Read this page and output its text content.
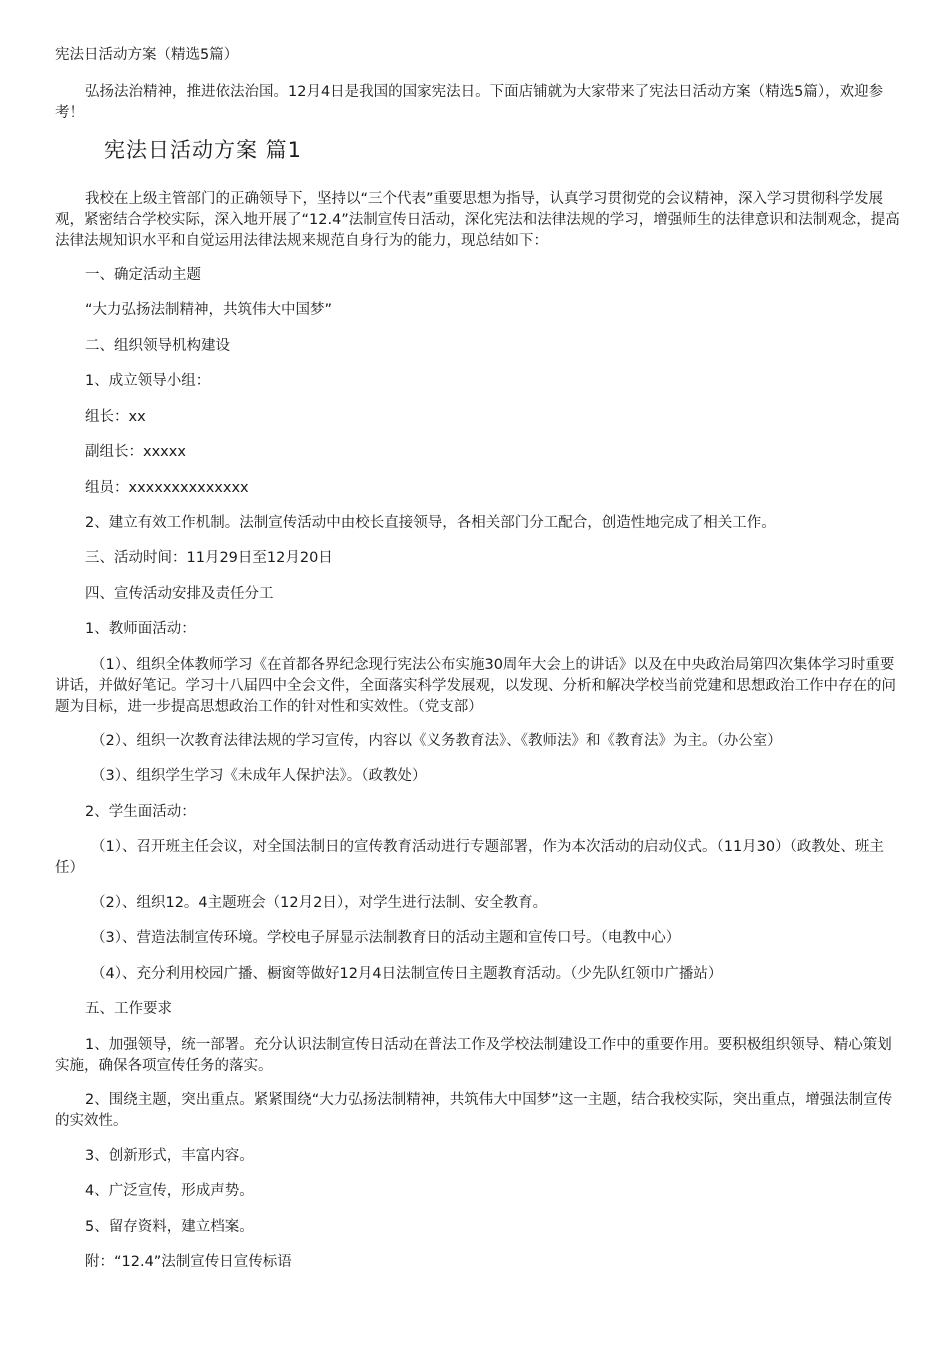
宪法日活动方案（精选5篇）
弘扬法治精神，推进依法治国。12月4日是我国的国家宪法日。下面店铺就为大家带来了宪法日活动方案（精选5篇），欢迎参考！
宪法日活动方案 篇1
我校在上级主管部门的正确领导下，坚持以“三个代表”重要思想为指导，认真学习贯彻党的会议精神，深入学习贯彻科学发展观，紧密结合学校实际，深入地开展了“12.4”法制宣传日活动，深化宪法和法律法规的学习，增强师生的法律意识和法制观念，提高法律法规知识水平和自觉运用法律法规来规范自身行为的能力，现总结如下：
一、确定活动主题
“大力弘扬法制精神，共筑伟大中国梦”
二、组织领导机构建设
1、成立领导小组：
组长：xx
副组长：xxxxx
组员：xxxxxxxxxxxxxx
2、建立有效工作机制。法制宣传活动中由校长直接领导，各相关部门分工配合，创造性地完成了相关工作。
三、活动时间：11月29日至12月20日
四、宣传活动安排及责任分工
1、教师面活动：
（1）、组织全体教师学习《在首都各界纪念现行宪法公布实施30周年大会上的讲话》以及在中央政治局第四次集体学习时重要讲话，并做好笔记。学习十八届四中全会文件，全面落实科学发展观，以发现、分析和解决学校当前党建和思想政治工作中存在的问题为目标，进一步提高思想政治工作的针对性和实效性。（党支部）
（2）、组织一次教育法律法规的学习宣传，内容以《义务教育法》、《教师法》和《教育法》为主。（办公室）
（3）、组织学生学习《未成年人保护法》。（政教处）
2、学生面活动：
（1）、召开班主任会议，对全国法制日的宣传教育活动进行专题部署，作为本次活动的启动仪式。（11月30）（政教处、班主任）
（2）、组织12。4主题班会（12月2日），对学生进行法制、安全教育。
（3）、营造法制宣传环境。学校电子屏显示法制教育日的活动主题和宣传口号。（电教中心）
（4）、充分利用校园广播、橱窗等做好12月4日法制宣传日主题教育活动。（少先队红领巾广播站）
五、工作要求
1、加强领导，统一部署。充分认识法制宣传日活动在普法工作及学校法制建设工作中的重要作用。要积极组织领导、精心策划实施，确保各项宣传任务的落实。
2、围绕主题，突出重点。紧紧围绕“大力弘扬法制精神，共筑伟大中国梦”这一主题，结合我校实际，突出重点，增强法制宣传的实效性。
3、创新形式，丰富内容。
4、广泛宣传，形成声势。
5、留存资料，建立档案。
附：“12.4”法制宣传日宣传标语
